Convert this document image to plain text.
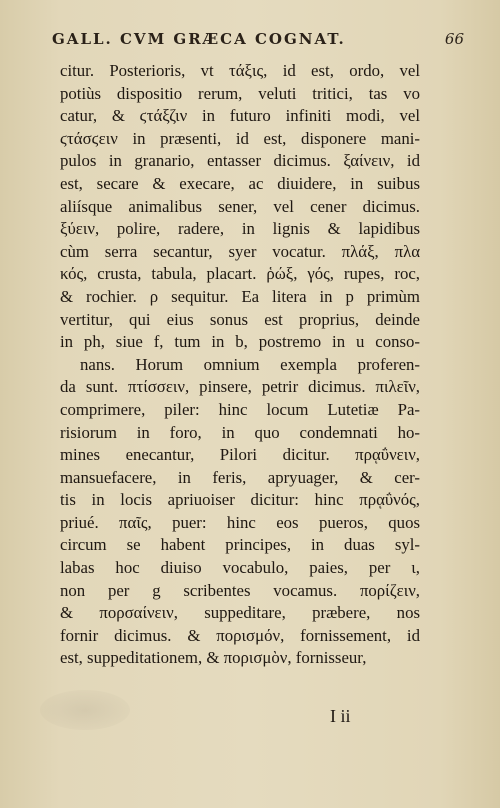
GALL. CVM GRÆCA COGNAT.	66
citur. Posterioris, vt τάξις, id est, ordo, vel
potiùs dispositio rerum, veluti tritici, tas vo
catur, & ϛτάξζιν in futuro infiniti modi, vel
ϛτάσϛειν in præsenti, id est, disponere mani-
pulos in granario, entasser dicimus. ξαίνειν, id
est, secare & execare, ac diuidere, in suibus
aliísque animalibus sener, vel cener dicimus.
ξύειν, polire, radere, in lignis & lapidibus
cùm serra secantur, syer vocatur. πλάξ, πλα
κός, crusta, tabula, placart. ῥώξ, γός, rupes, roc,
& rochier. ρ sequitur. Ea litera in p primùm
vertitur, qui eius sonus est proprius, deinde
in ph, siue f, tum in b, postremo in u conso-
nans. Horum omnium exempla proferen-
da sunt. πτίσσειν, pinsere, petrir dicimus. πιλεῖν,
comprimere, piler: hinc locum Lutetiæ Pa-
risiorum in foro, in quo condemnati ho-
mines enecantur, Pilori dicitur. πρᾳΰνειν,
mansuefacere, in feris, apryuager, & cer-
tis in locis apriuoiser dicitur: hinc πρᾳΰνός,
priué. παῖς, puer: hinc eos pueros, quos
circum se habent principes, in duas syl-
labas hoc diuiso vocabulo, paies, per ι,
non per g scribentes vocamus. πορίζειν,
& πορσαίνειν, suppeditare, præbere, nos
fornir dicimus. & πορισμόν, fornissement, id
est, suppeditationem, & πορισμὸν, fornisseur,
I ii
